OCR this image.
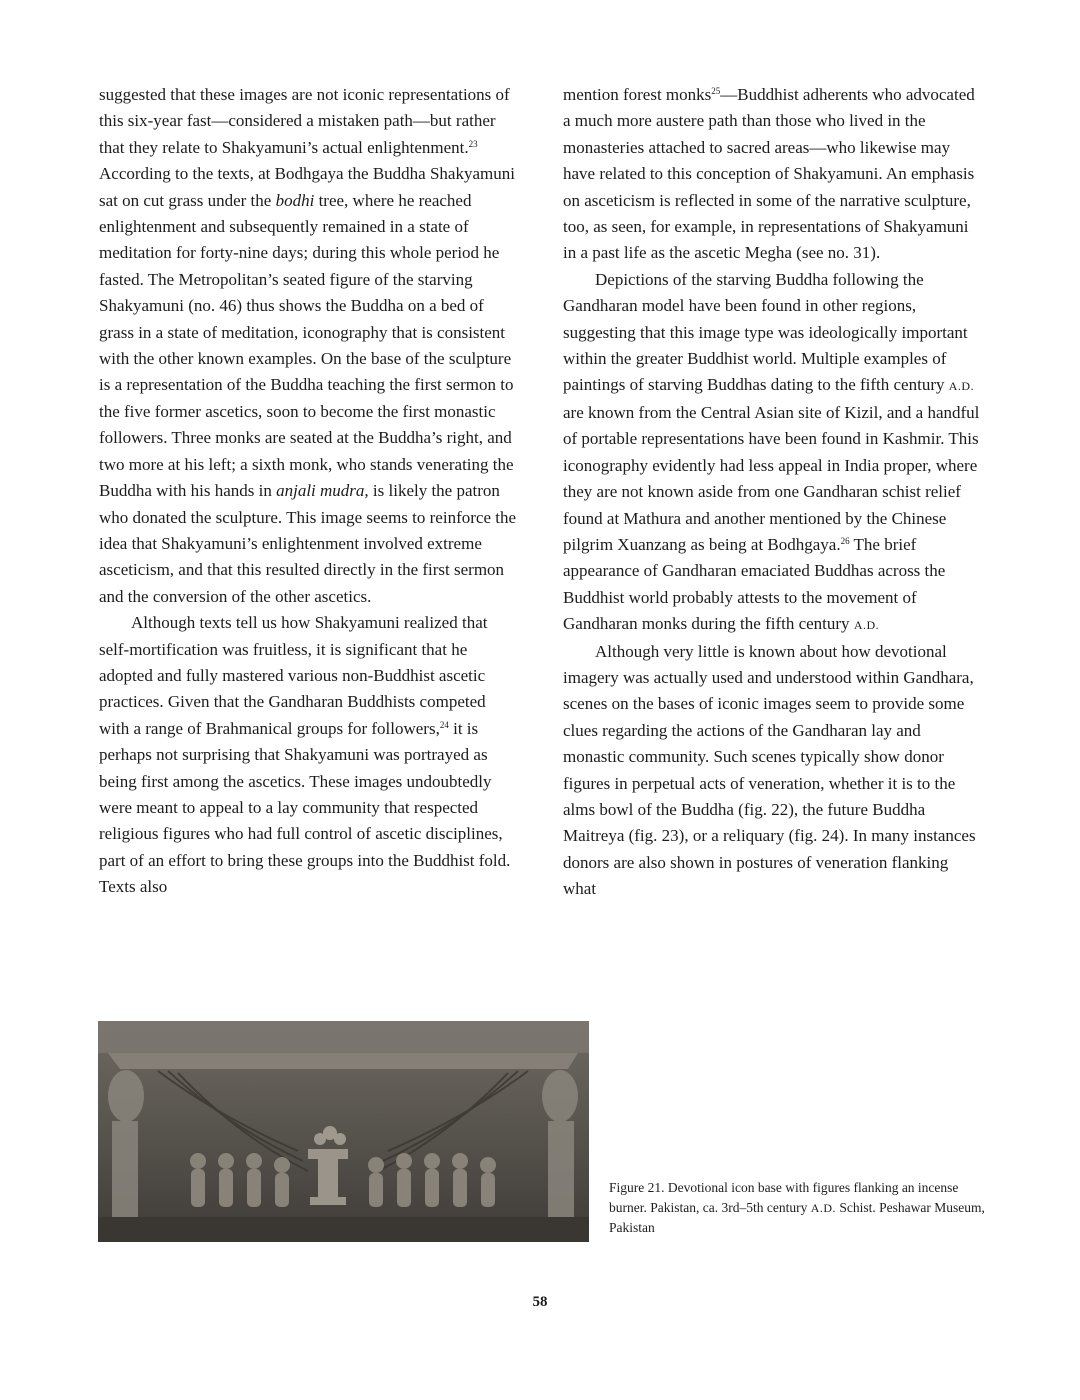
suggested that these images are not iconic representations of this six-year fast—considered a mistaken path—but rather that they relate to Shakyamuni’s actual enlightenment.$^{23}$ According to the texts, at Bodhgaya the Buddha Shakyamuni sat on cut grass under the bodhi tree, where he reached enlightenment and subsequently remained in a state of meditation for forty-nine days; during this whole period he fasted. The Metropolitan’s seated figure of the starving Shakyamuni (no. 46) thus shows the Buddha on a bed of grass in a state of meditation, iconography that is consistent with the other known examples. On the base of the sculpture is a representation of the Buddha teaching the first sermon to the five former ascetics, soon to become the first monastic followers. Three monks are seated at the Buddha’s right, and two more at his left; a sixth monk, who stands venerating the Buddha with his hands in anjali mudra, is likely the patron who donated the sculpture. This image seems to reinforce the idea that Shakyamuni’s enlightenment involved extreme asceticism, and that this resulted directly in the first sermon and the conversion of the other ascetics.

Although texts tell us how Shakyamuni realized that self-mortification was fruitless, it is significant that he adopted and fully mastered various non-Buddhist ascetic practices. Given that the Gandharan Buddhists competed with a range of Brahmanical groups for followers,$^{24}$ it is perhaps not surprising that Shakyamuni was portrayed as being first among the ascetics. These images undoubtedly were meant to appeal to a lay community that respected religious figures who had full control of ascetic disciplines, part of an effort to bring these groups into the Buddhist fold. Texts also

mention forest monks$^{25}$—Buddhist adherents who advocated a much more austere path than those who lived in the monasteries attached to sacred areas—who likewise may have related to this conception of Shakyamuni. An emphasis on asceticism is reflected in some of the narrative sculpture, too, as seen, for example, in representations of Shakyamuni in a past life as the ascetic Megha (see no. 31).

Depictions of the starving Buddha following the Gandharan model have been found in other regions, suggesting that this image type was ideologically important within the greater Buddhist world. Multiple examples of paintings of starving Buddhas dating to the fifth century A.D. are known from the Central Asian site of Kizil, and a handful of portable representations have been found in Kashmir. This iconography evidently had less appeal in India proper, where they are not known aside from one Gandharan schist relief found at Mathura and another mentioned by the Chinese pilgrim Xuanzang as being at Bodhgaya.$^{26}$ The brief appearance of Gandharan emaciated Buddhas across the Buddhist world probably attests to the movement of Gandharan monks during the fifth century A.D.

Although very little is known about how devotional imagery was actually used and understood within Gandhara, scenes on the bases of iconic images seem to provide some clues regarding the actions of the Gandharan lay and monastic community. Such scenes typically show donor figures in perpetual acts of veneration, whether it is to the alms bowl of the Buddha (fig. 22), the future Buddha Maitreya (fig. 23), or a reliquary (fig. 24). In many instances donors are also shown in postures of veneration flanking what

Figure 21. Devotional icon base with figures flanking an incense burner. Pakistan, ca. 3rd–5th century A.D. Schist. Peshawar Museum, Pakistan
58
